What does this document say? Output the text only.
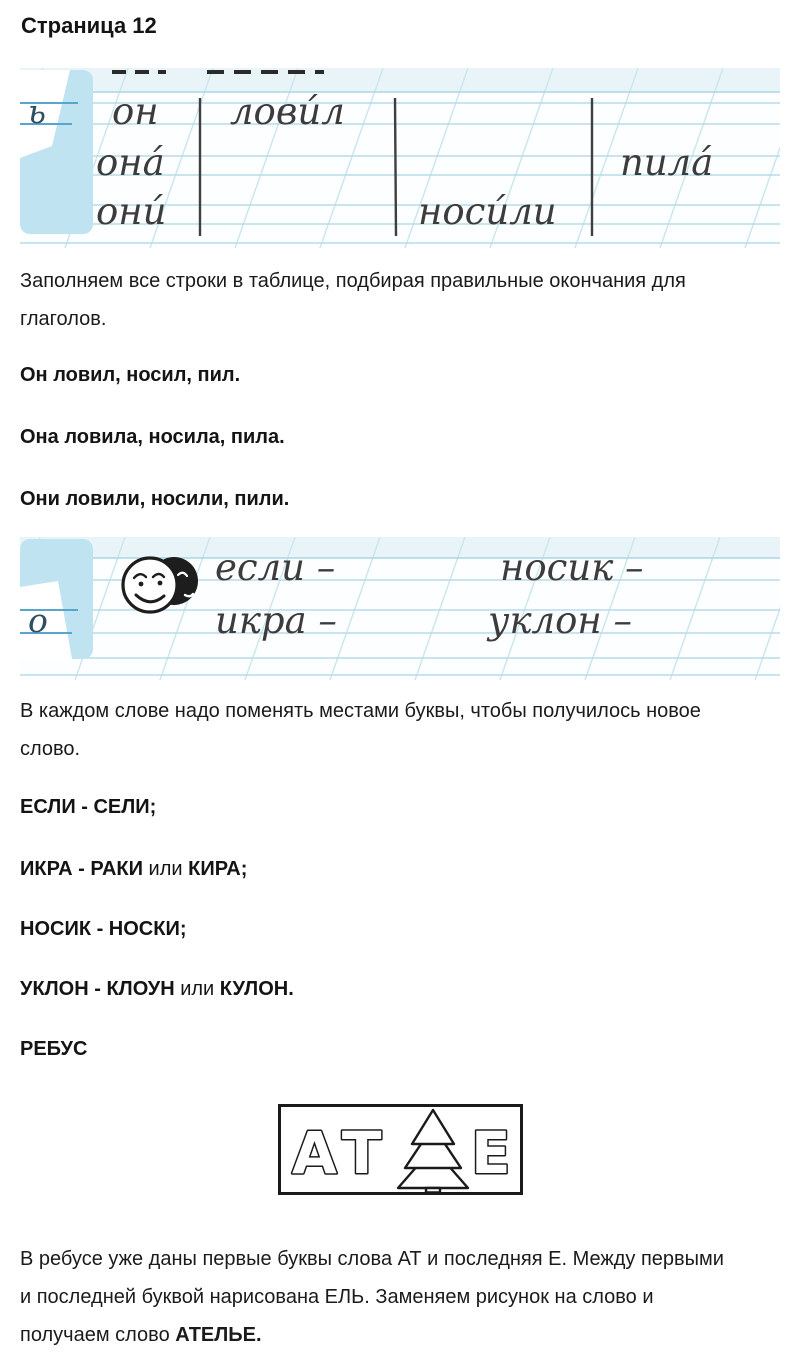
Страница 12
ь он
она́
они́
лови́л
пила́
носи́ли
Заполняем все строки в таблице, подбирая правильные окончания для
глаголов.
Он ловил, носил, пил.
Она ловила, носила, пила.
Они ловили, носили, пили.
о
если –
икра –
носик –
уклон –
В каждом слове надо поменять местами буквы, чтобы получилось новое
слово.
ЕСЛИ - СЕЛИ;
ИКРА - РАКИ или КИРА;
НОСИК - НОСКИ;
УКЛОН - КЛОУН или КУЛОН.
РЕБУС
АТ Е
В ребусе уже даны первые буквы слова АТ и последняя Е. Между первыми
и последней буквой нарисована ЕЛЬ. Заменяем рисунок на слово и
получаем слово АТЕЛЬЕ.
